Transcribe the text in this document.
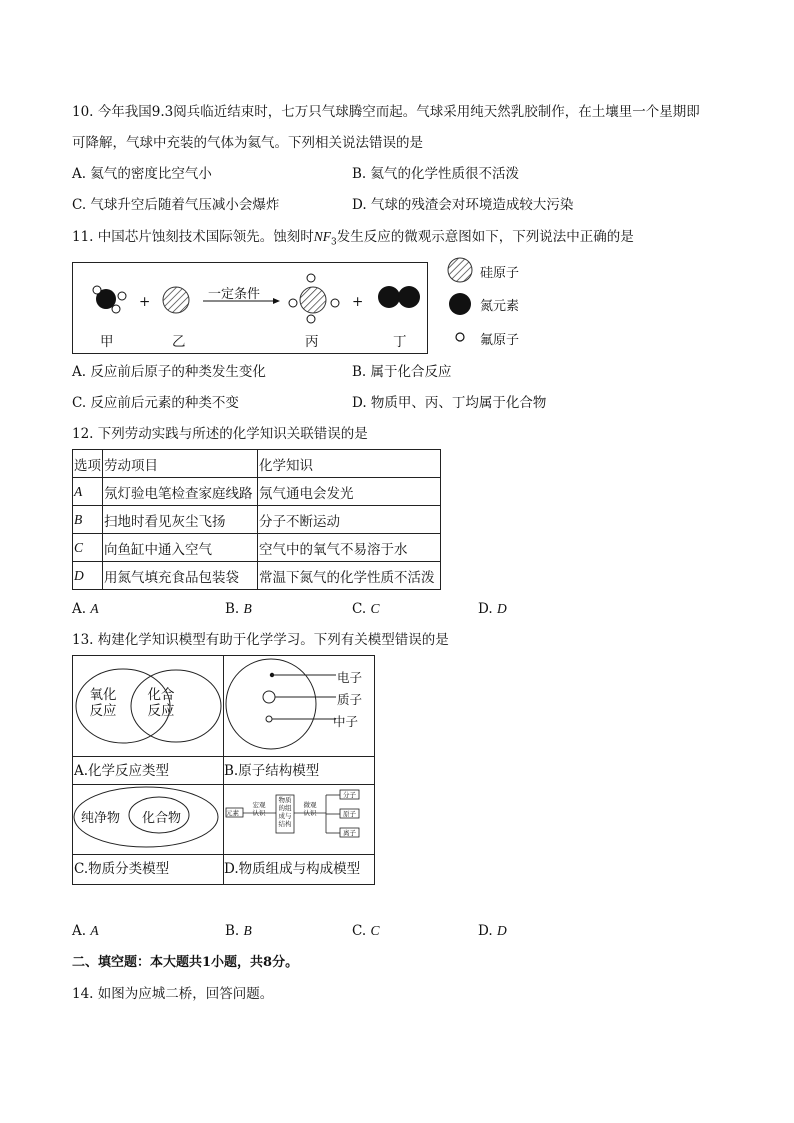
10. 今年我国9.3阅兵临近结束时，七万只气球腾空而起。气球采用纯天然乳胶制作，在土壤里一个星期即
可降解，气球中充装的气体为氦气。下列相关说法错误的是
A. 氦气的密度比空气小	B. 氦气的化学性质很不活泼
C. 气球升空后随着气压减小会爆炸	D. 气球的残渣会对环境造成较大污染
11. 中国芯片蚀刻技术国际领先。蚀刻时$NF_3$发生反应的微观示意图如下，下列说法中正确的是
甲
+
乙
一定条件
丙
+
丁
硅原子
氮元素
氟原子
A. 反应前后原子的种类发生变化	B. 属于化合反应
C. 反应前后元素的种类不变	D. 物质甲、丙、丁均属于化合物
12. 下列劳动实践与所述的化学知识关联错误的是
选项	劳动项目	化学知识
A	氖灯验电笔检查家庭线路	氖气通电会发光
B	扫地时看见灰尘飞扬	分子不断运动
C	向鱼缸中通入空气	空气中的氧气不易溶于水
D	用氮气填充食品包装袋	常温下氮气的化学性质不活泼
A. A	B. B	C. C	D. D
13. 构建化学知识模型有助于化学学习。下列有关模型错误的是
氧化反应
化合反应
A.化学反应类型
电子
质子
中子
B.原子结构模型
纯净物 化合物
C.物质分类模型
元素
宏观认识
物质的组成与结构
微观认识
分子
原子
离子
D.物质组成与构成模型
A. A	B. B	C. C	D. D
二、填空题：本大题共1小题，共8分。
14. 如图为应城二桥，回答问题。
